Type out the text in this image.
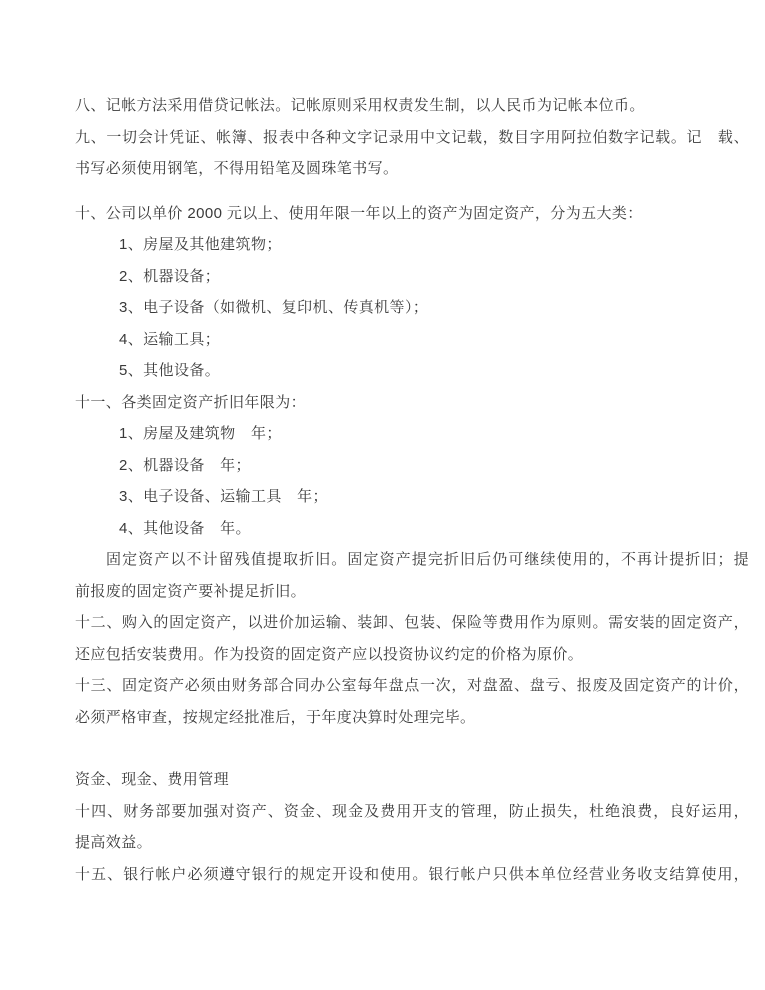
八、记帐方法采用借贷记帐法。记帐原则采用权责发生制，以人民币为记帐本位币。
九、一切会计凭证、帐簿、报表中各种文字记录用中文记载，数目字用阿拉伯数字记载。记　载、
书写必须使用钢笔，不得用铅笔及圆珠笔书写。
十、公司以单价 2000 元以上、使用年限一年以上的资产为固定资产，分为五大类：
1、房屋及其他建筑物；
2、机器设备；
3、电子设备（如微机、复印机、传真机等）；
4、运输工具；
5、其他设备。
十一、各类固定资产折旧年限为：
1、房屋及建筑物　年；
2、机器设备　年；
3、电子设备、运输工具　年；
4、其他设备　年。
固定资产以不计留残值提取折旧。固定资产提完折旧后仍可继续使用的，不再计提折旧；提
前报废的固定资产要补提足折旧。
十二、购入的固定资产，以进价加运输、装卸、包装、保险等费用作为原则。需安装的固定资产，
还应包括安装费用。作为投资的固定资产应以投资协议约定的价格为原价。
十三、固定资产必须由财务部合同办公室每年盘点一次，对盘盈、盘亏、报废及固定资产的计价，
必须严格审查，按规定经批准后，于年度决算时处理完毕。
资金、现金、费用管理
十四、财务部要加强对资产、资金、现金及费用开支的管理，防止损失，杜绝浪费，良好运用，
提高效益。
十五、银行帐户必须遵守银行的规定开设和使用。银行帐户只供本单位经营业务收支结算使用，
